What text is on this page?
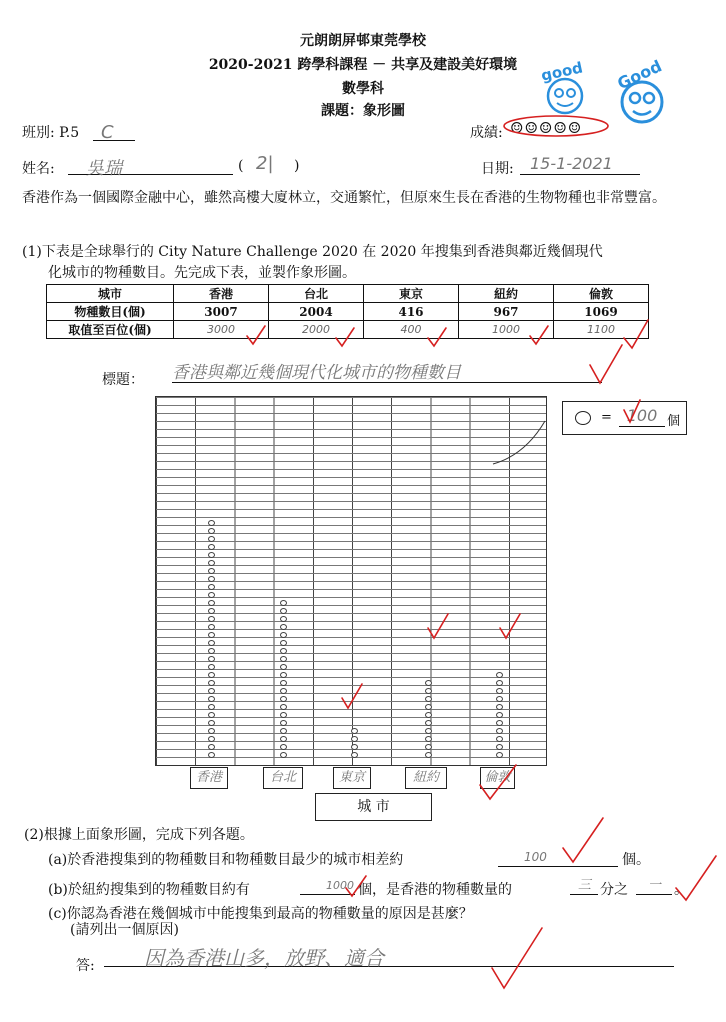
元朗朗屏邨東莞學校
2020-2021 跨學科課程 － 共享及建設美好環境
數學科
課題：象形圖
good Good
班別: P.5	C	成績: ☺☺☺☺☺
姓名:	吳瑞	( 2| )	日期:	15-1-2021
香港作為一個國際金融中心，雖然高樓大廈林立，交通繁忙，但原來生長在香港的生物物種也非常豐富。
(1)下表是全球舉行的 City Nature Challenge 2020 在 2020 年搜集到香港與鄰近幾個現代
化城市的物種數目。先完成下表，並製作象形圖。
城市	香港	台北	東京	紐約	倫敦
物種數目(個)	3007	2004	416	967	1069
取值至百位(個)	3000	2000	400	1000	1100
標題： 香港與鄰近幾個現代化城市的物種數目
= 100 個
香港	台北	東京	紐約	倫敦
城 市
(2)根據上面象形圖，完成下列各題。
(a)於香港搜集到的物種數目和物種數目最少的城市相差約	100	個。
(b)於紐約搜集到的物種數目約有	1000 個，是香港的物種數量的	三 分之	一 。
(c)你認為香港在幾個城市中能搜集到最高的物種數量的原因是甚麼？
(請列出一個原因)
答:	因為香港山多，放野、適合
